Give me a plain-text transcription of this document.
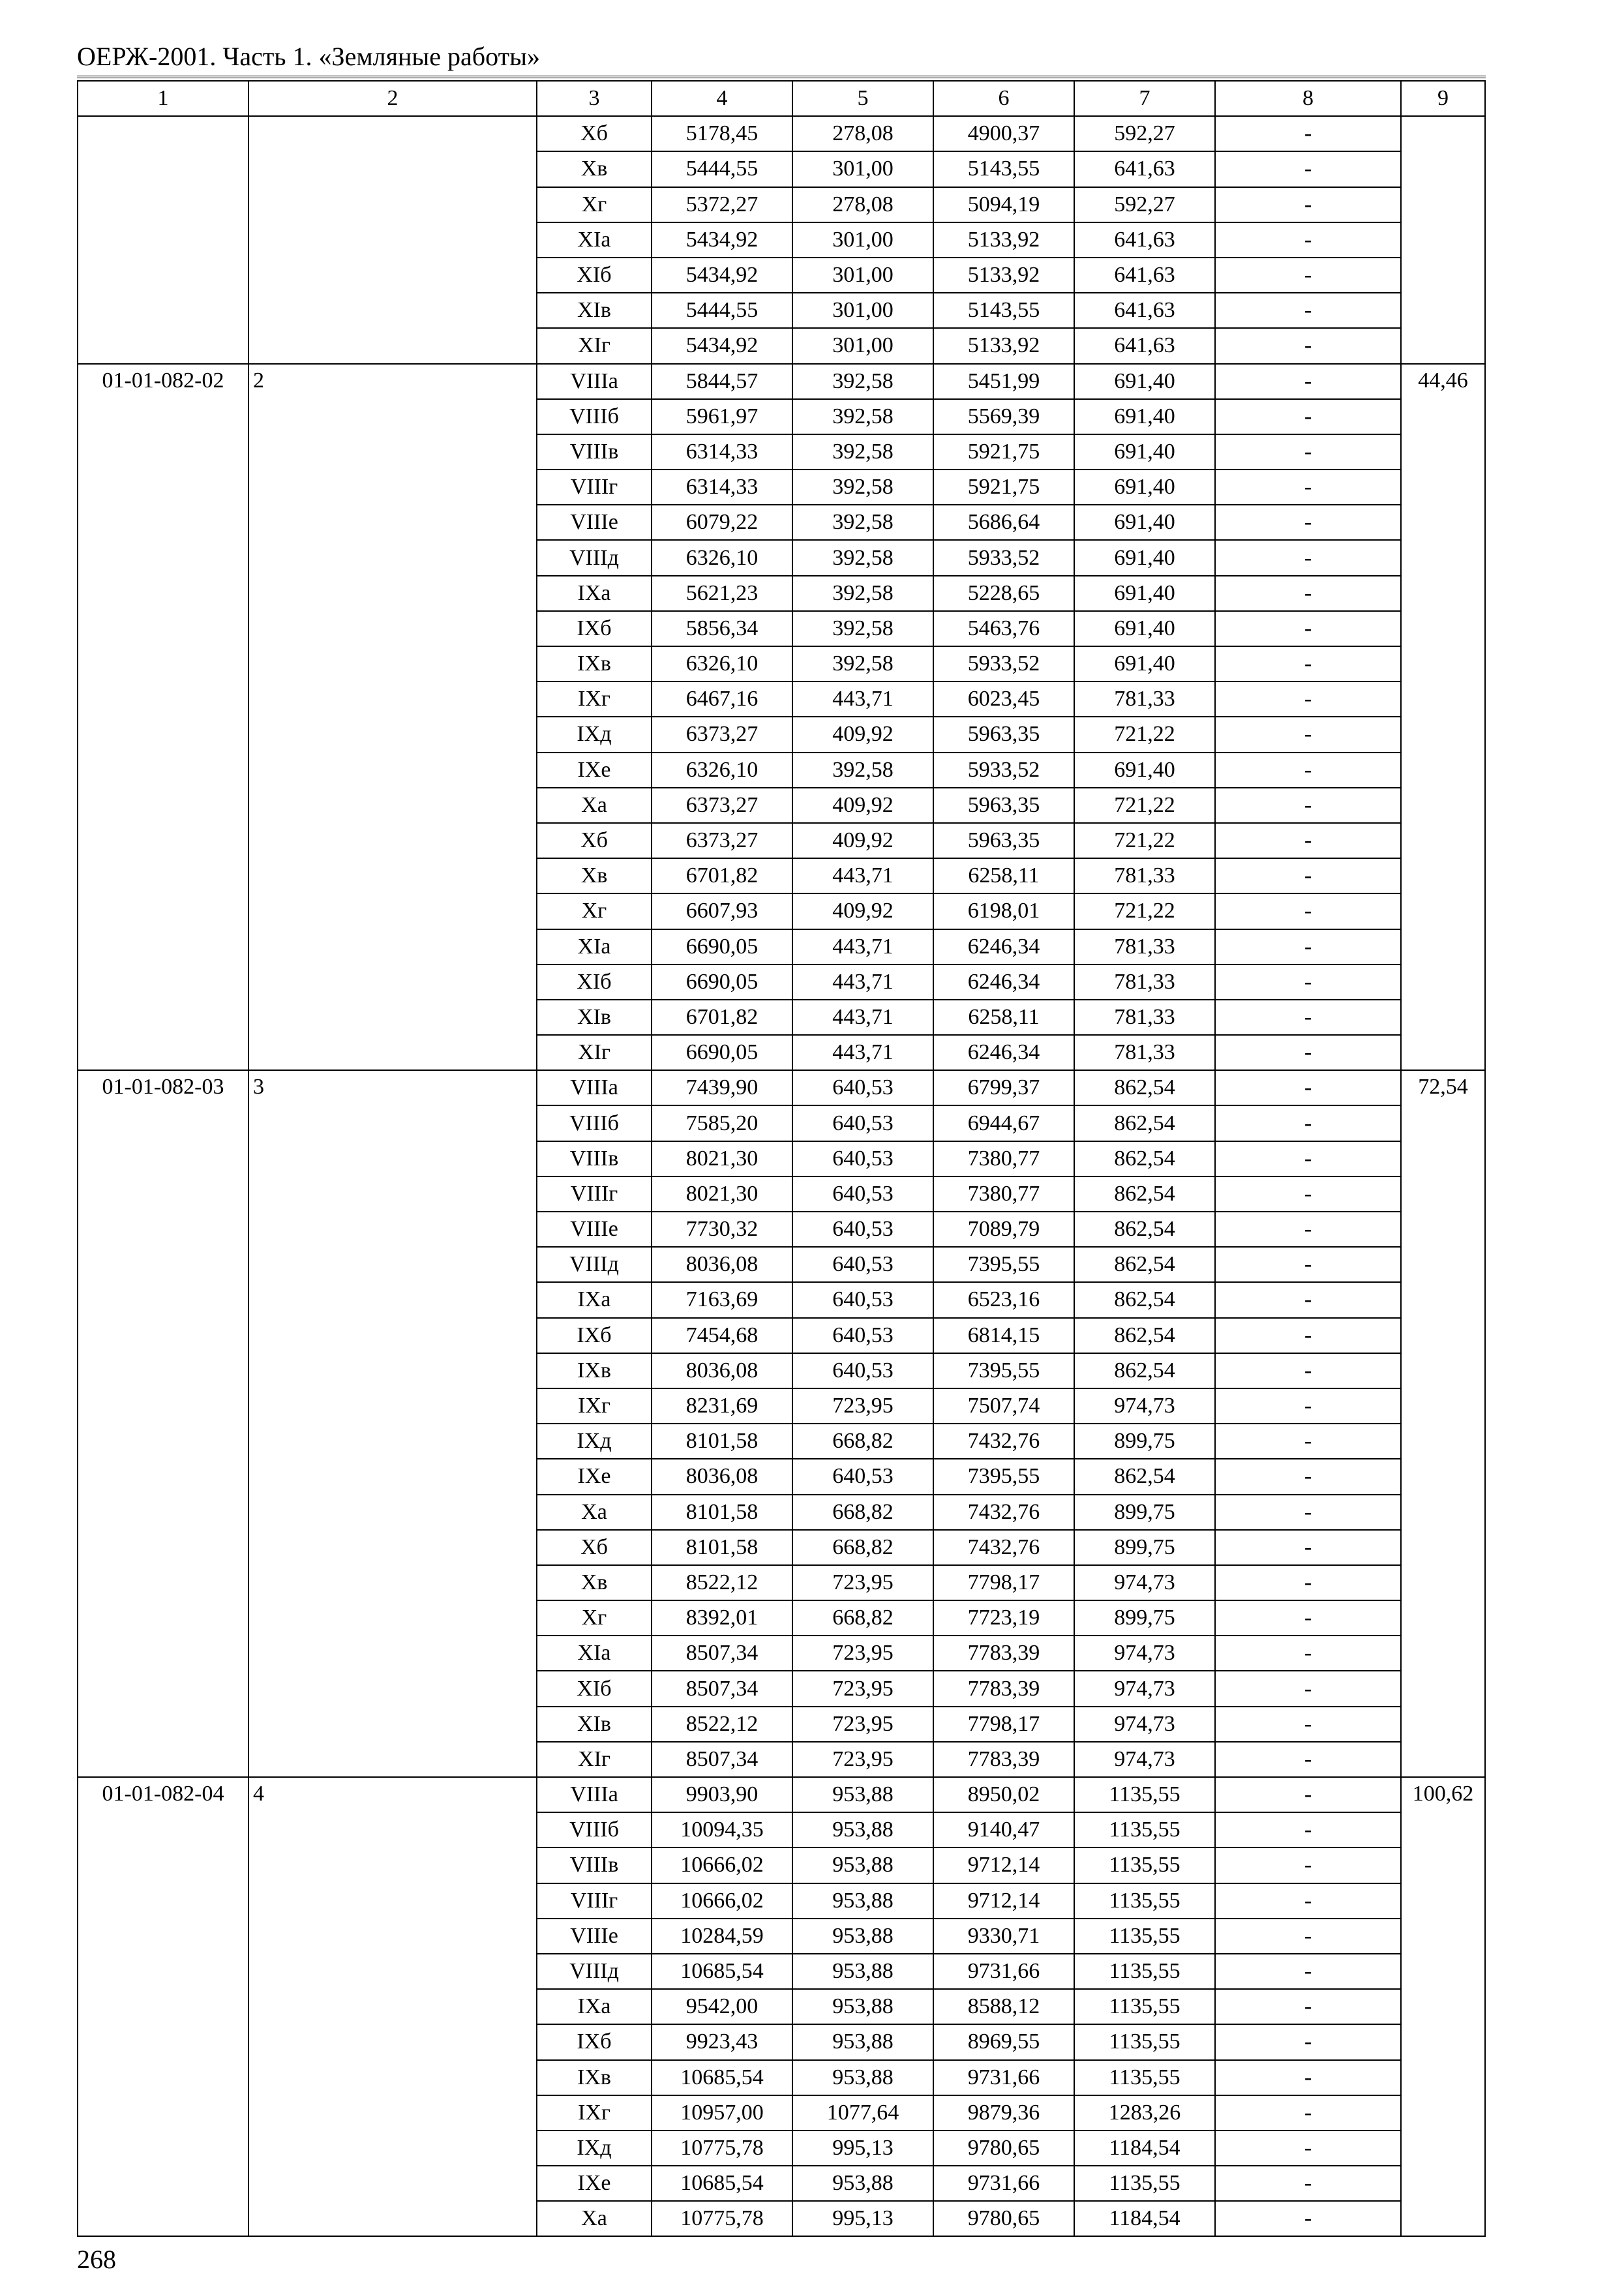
ОЕРЖ-2001. Часть 1. «Земляные работы»
1	2	3	4	5	6	7	8	9
		Хб	5178,45	278,08	4900,37	592,27	-	
		Хв	5444,55	301,00	5143,55	641,63	-	
		Хг	5372,27	278,08	5094,19	592,27	-	
		ХIа	5434,92	301,00	5133,92	641,63	-	
		ХIб	5434,92	301,00	5133,92	641,63	-	
		ХIв	5444,55	301,00	5143,55	641,63	-	
		ХIг	5434,92	301,00	5133,92	641,63	-	
01-01-082-02	2	VIIIа	5844,57	392,58	5451,99	691,40	-	44,46
		VIIIб	5961,97	392,58	5569,39	691,40	-	
		VIIIв	6314,33	392,58	5921,75	691,40	-	
		VIIIг	6314,33	392,58	5921,75	691,40	-	
		VIIIе	6079,22	392,58	5686,64	691,40	-	
		VIIIд	6326,10	392,58	5933,52	691,40	-	
		IХа	5621,23	392,58	5228,65	691,40	-	
		IХб	5856,34	392,58	5463,76	691,40	-	
		IХв	6326,10	392,58	5933,52	691,40	-	
		IХг	6467,16	443,71	6023,45	781,33	-	
		IХд	6373,27	409,92	5963,35	721,22	-	
		IХе	6326,10	392,58	5933,52	691,40	-	
		Ха	6373,27	409,92	5963,35	721,22	-	
		Хб	6373,27	409,92	5963,35	721,22	-	
		Хв	6701,82	443,71	6258,11	781,33	-	
		Хг	6607,93	409,92	6198,01	721,22	-	
		ХIа	6690,05	443,71	6246,34	781,33	-	
		ХIб	6690,05	443,71	6246,34	781,33	-	
		ХIв	6701,82	443,71	6258,11	781,33	-	
		ХIг	6690,05	443,71	6246,34	781,33	-	
01-01-082-03	3	VIIIа	7439,90	640,53	6799,37	862,54	-	72,54
		VIIIб	7585,20	640,53	6944,67	862,54	-	
		VIIIв	8021,30	640,53	7380,77	862,54	-	
		VIIIг	8021,30	640,53	7380,77	862,54	-	
		VIIIе	7730,32	640,53	7089,79	862,54	-	
		VIIIд	8036,08	640,53	7395,55	862,54	-	
		IХа	7163,69	640,53	6523,16	862,54	-	
		IХб	7454,68	640,53	6814,15	862,54	-	
		IХв	8036,08	640,53	7395,55	862,54	-	
		IХг	8231,69	723,95	7507,74	974,73	-	
		IХд	8101,58	668,82	7432,76	899,75	-	
		IХе	8036,08	640,53	7395,55	862,54	-	
		Ха	8101,58	668,82	7432,76	899,75	-	
		Хб	8101,58	668,82	7432,76	899,75	-	
		Хв	8522,12	723,95	7798,17	974,73	-	
		Хг	8392,01	668,82	7723,19	899,75	-	
		ХIа	8507,34	723,95	7783,39	974,73	-	
		ХIб	8507,34	723,95	7783,39	974,73	-	
		ХIв	8522,12	723,95	7798,17	974,73	-	
		ХIг	8507,34	723,95	7783,39	974,73	-	
01-01-082-04	4	VIIIа	9903,90	953,88	8950,02	1135,55	-	100,62
		VIIIб	10094,35	953,88	9140,47	1135,55	-	
		VIIIв	10666,02	953,88	9712,14	1135,55	-	
		VIIIг	10666,02	953,88	9712,14	1135,55	-	
		VIIIе	10284,59	953,88	9330,71	1135,55	-	
		VIIIд	10685,54	953,88	9731,66	1135,55	-	
		IХа	9542,00	953,88	8588,12	1135,55	-	
		IХб	9923,43	953,88	8969,55	1135,55	-	
		IХв	10685,54	953,88	9731,66	1135,55	-	
		IХг	10957,00	1077,64	9879,36	1283,26	-	
		IХд	10775,78	995,13	9780,65	1184,54	-	
		IХе	10685,54	953,88	9731,66	1135,55	-	
		Ха	10775,78	995,13	9780,65	1184,54	-	
268
